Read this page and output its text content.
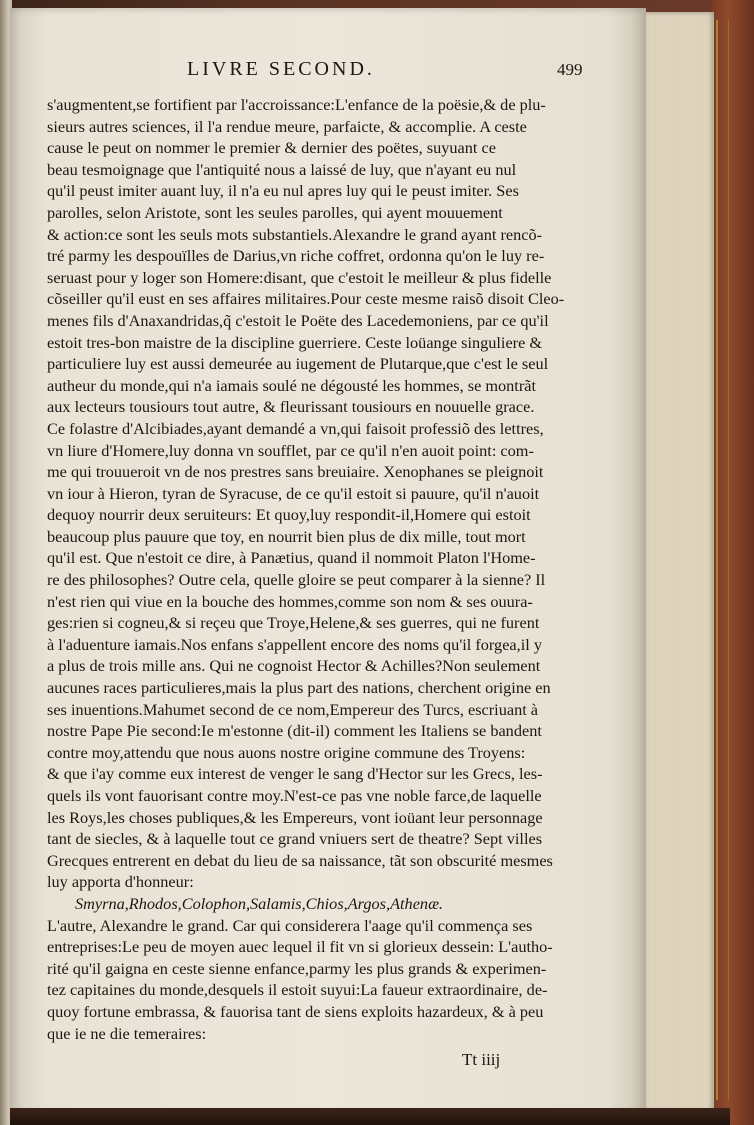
LIVRE SECOND.	499
s'augmentent,se fortifient par l'accroissance:L'enfance de la poësie,& de plu-
sieurs autres sciences, il l'a rendue meure, parfaicte, & accomplie. A ceste
cause le peut on nommer le premier & dernier des poëtes, suyuant ce
beau tesmoignage que l'antiquité nous a laissé de luy, que n'ayant eu nul
qu'il peust imiter auant luy, il n'a eu nul apres luy qui le peust imiter. Ses
parolles, selon Aristote, sont les seules parolles, qui ayent mouuement
& action:ce sont les seuls mots substantiels.Alexandre le grand ayant rencõ-
tré parmy les despouïlles de Darius,vn riche coffret, ordonna qu'on le luy re-
seruast pour y loger son Homere:disant, que c'estoit le meilleur & plus fidelle
cõseiller qu'il eust en ses affaires militaires.Pour ceste mesme raisõ disoit Cleo-
menes fils d'Anaxandridas,q̃ c'estoit le Poëte des Lacedemoniens, par ce qu'il
estoit tres-bon maistre de la discipline guerriere. Ceste loüange singuliere &
particuliere luy est aussi demeurée au iugement de Plutarque,que c'est le seul
autheur du monde,qui n'a iamais soulé ne dégousté les hommes, se montrãt
aux lecteurs tousiours tout autre, & fleurissant tousiours en nouuelle grace.
Ce folastre d'Alcibiades,ayant demandé a vn,qui faisoit professiõ des lettres,
vn liure d'Homere,luy donna vn soufflet, par ce qu'il n'en auoit point: com-
me qui trouueroit vn de nos prestres sans breuiaire. Xenophanes se pleignoit
vn iour à Hieron, tyran de Syracuse, de ce qu'il estoit si pauure, qu'il n'auoit
dequoy nourrir deux seruiteurs: Et quoy,luy respondit-il,Homere qui estoit
beaucoup plus pauure que toy, en nourrit bien plus de dix mille, tout mort
qu'il est. Que n'estoit ce dire, à Panætius, quand il nommoit Platon l'Home-
re des philosophes? Outre cela, quelle gloire se peut comparer à la sienne? Il
n'est rien qui viue en la bouche des hommes,comme son nom & ses ouura-
ges:rien si cogneu,& si reçeu que Troye,Helene,& ses guerres, qui ne furent
à l'aduenture iamais.Nos enfans s'appellent encore des noms qu'il forgea,il y
a plus de trois mille ans. Qui ne cognoist Hector & Achilles?Non seulement
aucunes races particulieres,mais la plus part des nations, cherchent origine en
ses inuentions.Mahumet second de ce nom,Empereur des Turcs, escriuant à
nostre Pape Pie second:Ie m'estonne (dit-il) comment les Italiens se bandent
contre moy,attendu que nous auons nostre origine commune des Troyens:
& que i'ay comme eux interest de venger le sang d'Hector sur les Grecs, les-
quels ils vont fauorisant contre moy.N'est-ce pas vne noble farce,de laquelle
les Roys,les choses publiques,& les Empereurs, vont ioüant leur personnage
tant de siecles, & à laquelle tout ce grand vniuers sert de theatre? Sept villes
Grecques entrerent en debat du lieu de sa naissance, tãt son obscurité mesmes
luy apporta d'honneur:
Smyrna,Rhodos,Colophon,Salamis,Chios,Argos,Athenæ.
L'autre, Alexandre le grand. Car qui considerera l'aage qu'il commença ses
entreprises:Le peu de moyen auec lequel il fit vn si glorieux dessein: L'autho-
rité qu'il gaigna en ceste sienne enfance,parmy les plus grands & experimen-
tez capitaines du monde,desquels il estoit suyui:La faueur extraordinaire, de-
quoy fortune embrassa, & fauorisa tant de siens exploits hazardeux, & à peu
que ie ne die temeraires:
Tt iiij
